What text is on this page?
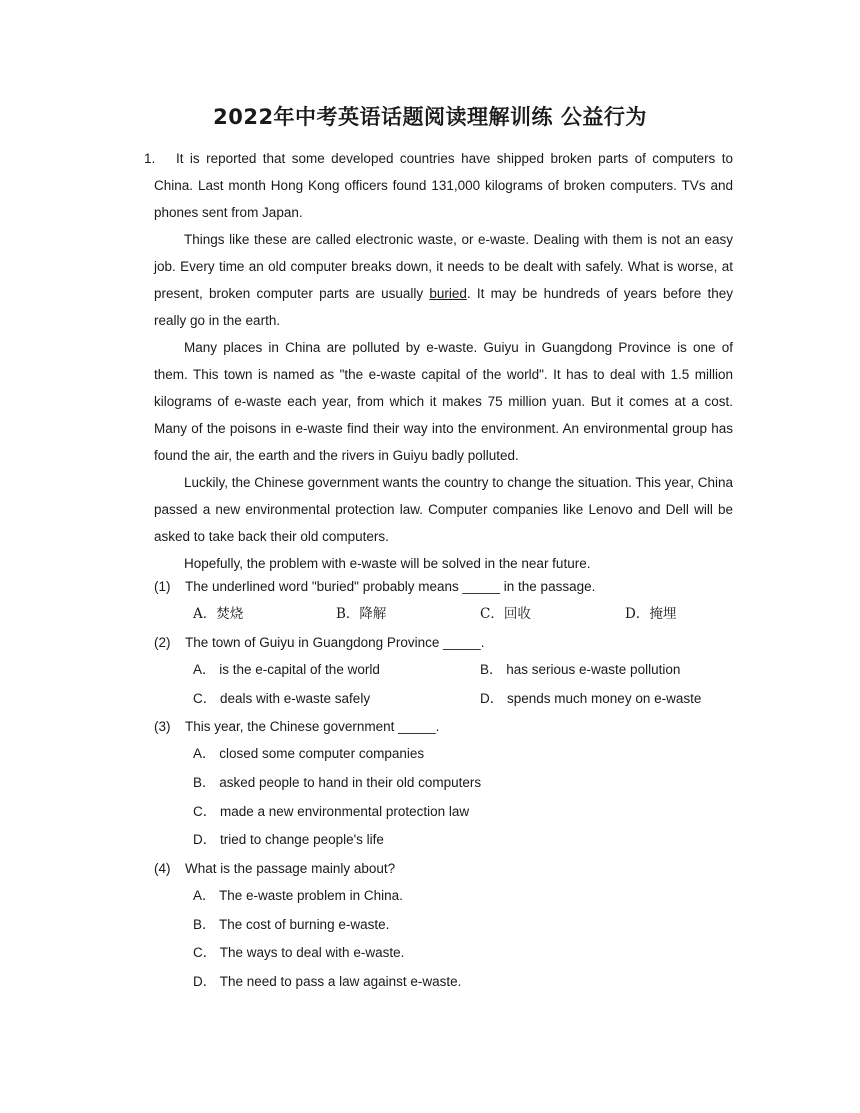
2022年中考英语话题阅读理解训练 公益行为
1.	It is reported that some developed countries have shipped broken parts of computers to China. Last month Hong Kong officers found 131,000 kilograms of broken computers. TVs and phones sent from Japan.

Things like these are called electronic waste, or e-waste. Dealing with them is not an easy job. Every time an old computer breaks down, it needs to be dealt with safely. What is worse, at present, broken computer parts are usually buried. It may be hundreds of years before they really go in the earth.

Many places in China are polluted by e-waste. Guiyu in Guangdong Province is one of them. This town is named as "the e-waste capital of the world". It has to deal with 1.5 million kilograms of e-waste each year, from which it makes 75 million yuan. But it comes at a cost. Many of the poisons in e-waste find their way into the environment. An environmental group has found the air, the earth and the rivers in Guiyu badly polluted.

Luckily, the Chinese government wants the country to change the situation. This year, China passed a new environmental protection law. Computer companies like Lenovo and Dell will be asked to take back their old computers.

Hopefully, the problem with e-waste will be solved in the near future.

(1) The underlined word "buried" probably means _____ in the passage.
A．焚烧	B．降解	C．回收	D．掩埋
(2) The town of Guiyu in Guangdong Province _____.
A． is the e-capital of the world	B． has serious e-waste pollution
C． deals with e-waste safely	D． spends much money on e-waste
(3) This year, the Chinese government _____.
A． closed some computer companies
B． asked people to hand in their old computers
C． made a new environmental protection law
D． tried to change people's life
(4) What is the passage mainly about?
A． The e-waste problem in China.
B． The cost of burning e-waste.
C． The ways to deal with e-waste.
D． The need to pass a law against e-waste.
